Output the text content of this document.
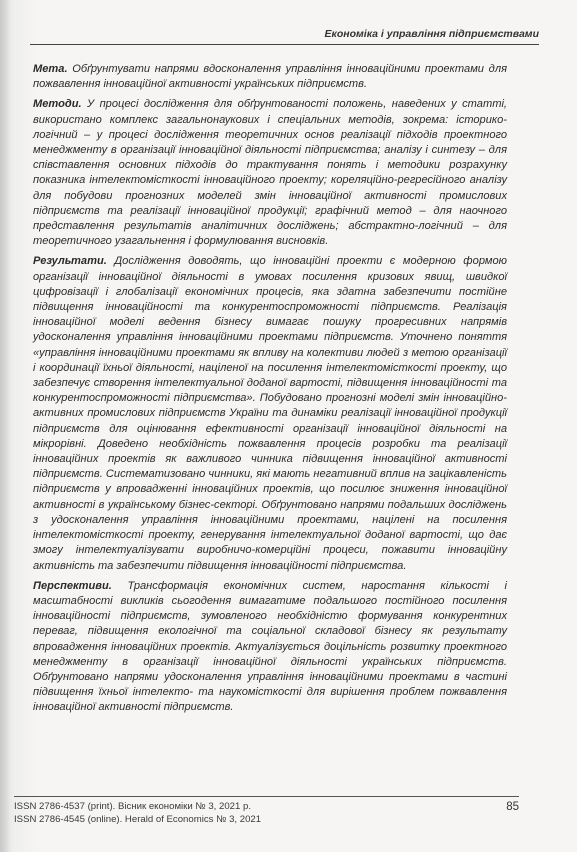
Економіка і управління підприємствами

Мета. Обґрунтувати напрями вдосконалення управління інноваційними проектами для пожвавлення інноваційної активності українських підприємств.

Методи. У процесі дослідження для обґрунтованості положень, наведених у статті, використано комплекс загальнонаукових і спеціальних методів, зокрема: історико-логічний – у процесі дослідження теоретичних основ реалізації підходів проектного менеджменту в організації інноваційної діяльності підприємства; аналізу і синтезу – для співставлення основних підходів до трактування понять і методики розрахунку показника інтелектомісткості інноваційного проекту; кореляційно-регресійного аналізу для побудови прогнозних моделей змін інноваційної активності промислових підприємств та реалізації інноваційної продукції; графічний метод – для наочного представлення результатів аналітичних досліджень; абстрактно-логічний – для теоретичного узагальнення і формулювання висновків.

Результати. Дослідження доводять, що інноваційні проекти є модерною формою організації інноваційної діяльності в умовах посилення кризових явищ, швидкої цифровізації і глобалізації економічних процесів, яка здатна забезпечити постійне підвищення інноваційності та конкурентоспроможності підприємств. Реалізація інноваційної моделі ведення бізнесу вимагає пошуку прогресивних напрямів удосконалення управління інноваційними проектами підприємств. Уточнено поняття «управління інноваційними проектами як впливу на колективи людей з метою організації і координації їхньої діяльності, націленої на посилення інтелектомісткості проекту, що забезпечує створення інтелектуальної доданої вартості, підвищення інноваційності та конкурентоспроможності підприємства». Побудовано прогнозні моделі змін інноваційно-активних промислових підприємств України та динаміки реалізації інноваційної продукції підприємств для оцінювання ефективності організації інноваційної діяльності на мікрорівні. Доведено необхідність пожвавлення процесів розробки та реалізації інноваційних проектів як важливого чинника підвищення інноваційної активності підприємств. Систематизовано чинники, які мають негативний вплив на зацікавленість підприємств у впровадженні інноваційних проектів, що посилює зниження інноваційної активності в українському бізнес-секторі. Обґрунтовано напрями подальших досліджень з удосконалення управління інноваційними проектами, націлені на посилення інтелектомісткості проекту, генерування інтелектуальної доданої вартості, що дає змогу інтелектуалізувати виробничо-комерційні процеси, пожавити інноваційну активність та забезпечити підвищення інноваційності підприємства.

Перспективи. Трансформація економічних систем, наростання кількості і масштабності викликів сьогодення вимагатиме подальшого постійного посилення інноваційності підприємств, зумовленого необхідністю формування конкурентних переваг, підвищення екологічної та соціальної складової бізнесу як результату впровадження інноваційних проектів. Актуалізується доцільність розвитку проектного менеджменту в організації інноваційної діяльності українських підприємств. Обґрунтовано напрями удосконалення управління інноваційними проектами в частині підвищення їхньої інтелекто- та наукомісткості для вирішення проблем пожвавлення інноваційної активності підприємств.

ISSN 2786-4537 (print). Вісник економіки № 3, 2021 р.
ISSN 2786-4545 (online). Herald of Economics № 3, 2021
85
